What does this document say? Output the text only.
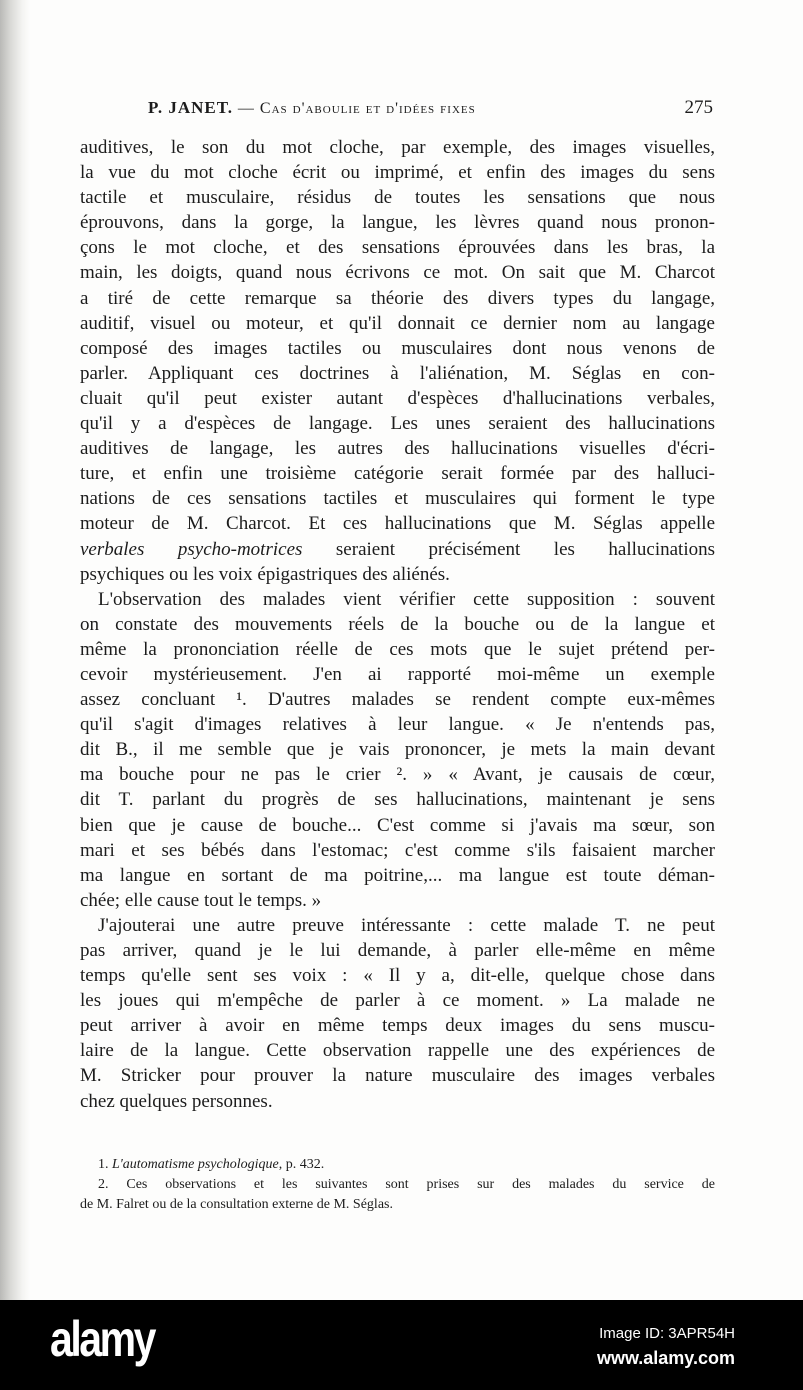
P. JANET. — Cas d'aboulie et d'idées fixes	275
auditives, le son du mot cloche, par exemple, des images visuelles,
la vue du mot cloche écrit ou imprimé, et enfin des images du sens
tactile et musculaire, résidus de toutes les sensations que nous
éprouvons, dans la gorge, la langue, les lèvres quand nous pronon-
çons le mot cloche, et des sensations éprouvées dans les bras, la
main, les doigts, quand nous écrivons ce mot. On sait que M. Charcot
a tiré de cette remarque sa théorie des divers types du langage,
auditif, visuel ou moteur, et qu'il donnait ce dernier nom au langage
composé des images tactiles ou musculaires dont nous venons de
parler. Appliquant ces doctrines à l'aliénation, M. Séglas en con-
cluait qu'il peut exister autant d'espèces d'hallucinations verbales,
qu'il y a d'espèces de langage. Les unes seraient des hallucinations
auditives de langage, les autres des hallucinations visuelles d'écri-
ture, et enfin une troisième catégorie serait formée par des halluci-
nations de ces sensations tactiles et musculaires qui forment le type
moteur de M. Charcot. Et ces hallucinations que M. Séglas appelle
verbales psycho-motrices seraient précisément les hallucinations
psychiques ou les voix épigastriques des aliénés.
L'observation des malades vient vérifier cette supposition : souvent
on constate des mouvements réels de la bouche ou de la langue et
même la prononciation réelle de ces mots que le sujet prétend per-
cevoir mystérieusement. J'en ai rapporté moi-même un exemple
assez concluant ¹. D'autres malades se rendent compte eux-mêmes
qu'il s'agit d'images relatives à leur langue. « Je n'entends pas,
dit B., il me semble que je vais prononcer, je mets la main devant
ma bouche pour ne pas le crier ². » « Avant, je causais de cœur,
dit T. parlant du progrès de ses hallucinations, maintenant je sens
bien que je cause de bouche... C'est comme si j'avais ma sœur, son
mari et ses bébés dans l'estomac; c'est comme s'ils faisaient marcher
ma langue en sortant de ma poitrine,... ma langue est toute déman-
chée; elle cause tout le temps. »
J'ajouterai une autre preuve intéressante : cette malade T. ne peut
pas arriver, quand je le lui demande, à parler elle-même en même
temps qu'elle sent ses voix : « Il y a, dit-elle, quelque chose dans
les joues qui m'empêche de parler à ce moment. » La malade ne
peut arriver à avoir en même temps deux images du sens muscu-
laire de la langue. Cette observation rappelle une des expériences de
M. Stricker pour prouver la nature musculaire des images verbales
chez quelques personnes.
1. L'automatisme psychologique, p. 432.
2. Ces observations et les suivantes sont prises sur des malades du service de
de M. Falret ou de la consultation externe de M. Séglas.
alamy	Image ID: 3APR54H
www.alamy.com
